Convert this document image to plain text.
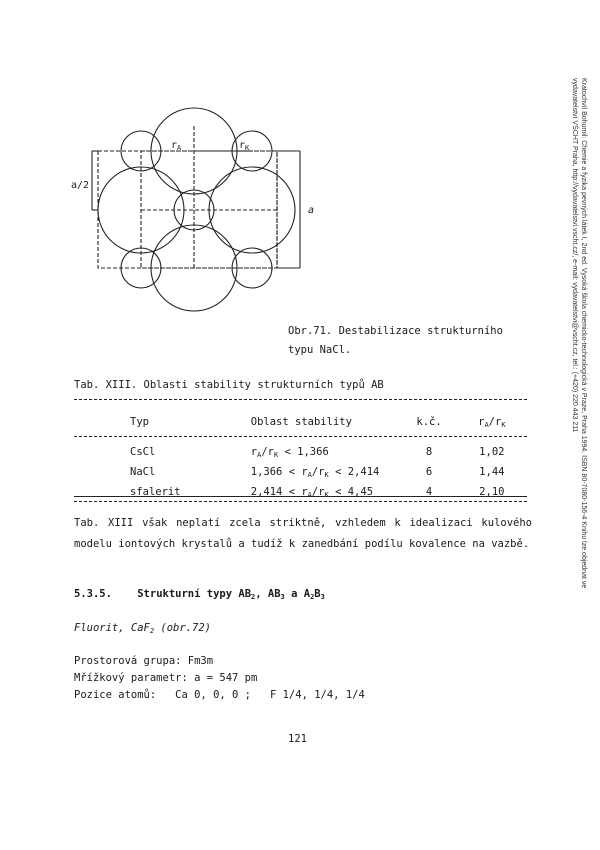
$r_A$	$r_K$
a/2
a
Obr.71. Destabilizace strukturního
typu NaCl.
Tab. XIII. Oblasti stability strukturních typů AB
Typ	Oblast stability	k.č.	$r_A/r_K$

CsCl	$r_A/r_K < 1,366$	8	1,02
NaCl	$1,366 < r_A/r_K < 2,414$	6	1,44
sfalerit	$2,414 < r_A/r_K < 4,45$	4	2,10
Tab. XIII však neplatí zcela striktně, vzhledem k idealizaci kulového modelu iontových krystalů a tudíž k zanedbání podílu kovalence na vazbě.
5.3.5. Strukturní typy $AB_2$, $AB_3$ a $A_2B_3$
Fluorit, CaF$_2$ (obr.72)
Prostorová grupa: Fm3m
Mřížkový parametr: a = 547 pm
Pozice atomů:   Ca 0, 0, 0 ;   F 1/4, 1/4, 1/4
121
Kratochvíl Bohumil: Chemie a fyzika pevných látek I, 2nd ed. Vysoká škola chemicko-technologická v Praze, Praha 1994. ISBN 80-7080-156-4 Knihu lze objednat ve vydavatelství VŠCHT Praha, http://vydavatelstvi.vscht.cz/, e-mail: vydavatelstvi@vscht.cz, tel.: (+420) 220 443 211
